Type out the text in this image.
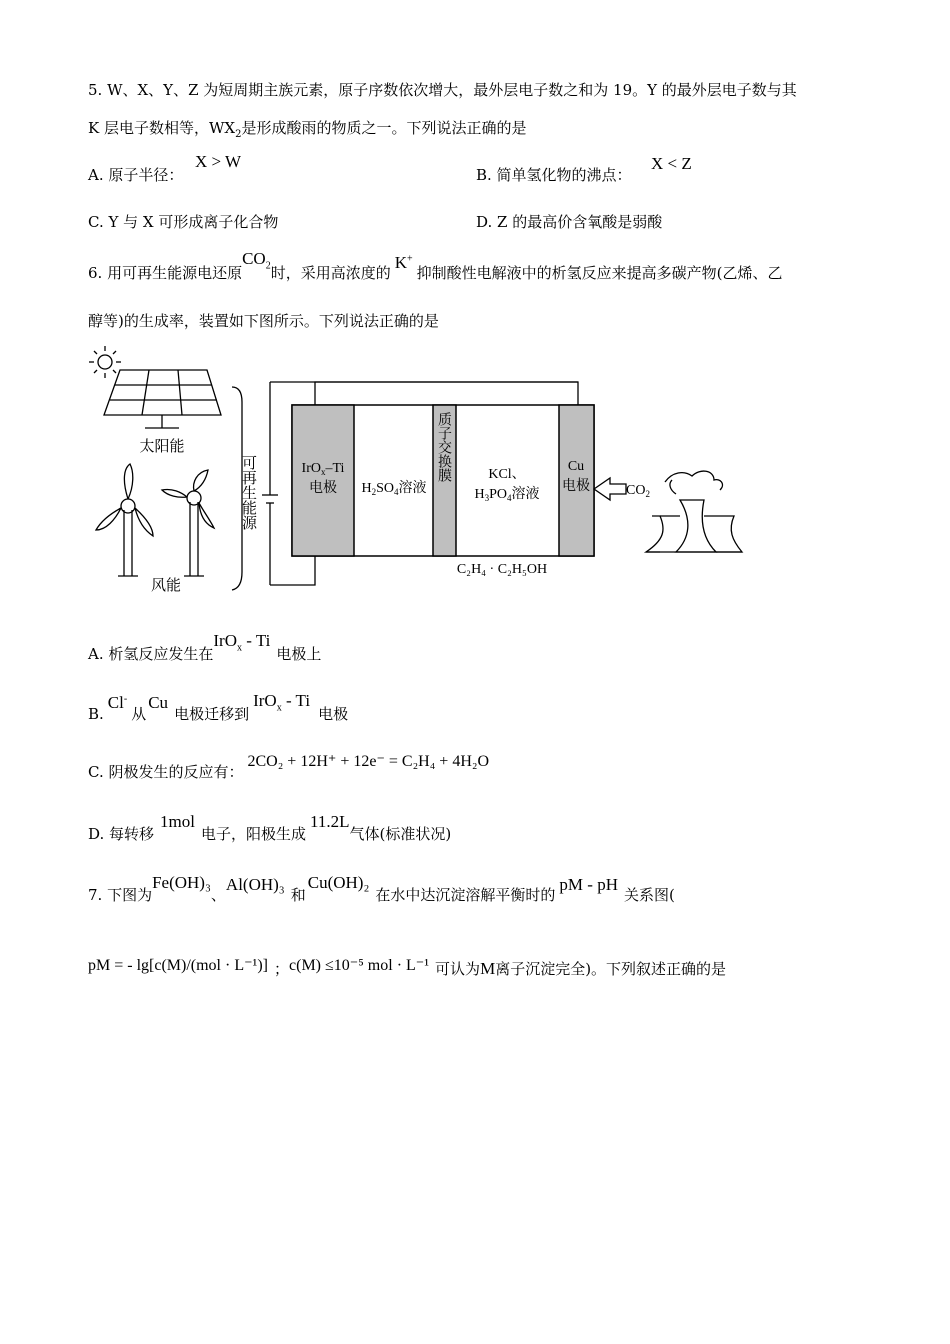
5. W、X、Y、Z 为短周期主族元素，原子序数依次增大，最外层电子数之和为 19。Y 的最外层电子数与其
K 层电子数相等，$WX_2$是形成酸雨的物质之一。下列说法正确的是
A. 原子半径：
X > W
B. 简单氢化物的沸点：
X < Z
C. Y 与 X 可形成离子化合物	D. Z 的最高价含氧酸是弱酸
6. 用可再生能源电还原$CO_2$时，采用高浓度的K+抑制酸性电解液中的析氢反应来提高多碳产物(乙烯、乙
醇等)的生成率，装置如下图所示。下列说法正确的是
太阳能
风能
可再生能源	IrO$_x$–Ti
电极 $H_2SO_4$溶液
质子交换膜	KCl、
$H_3PO_4$溶液
Cu
电极
C₂H₄ · C₂H₅OH
$CO_2$
A. 析氢反应发生在IrO$_x$ - Ti电极上
B.Cl-从Cu电极迁移到IrO$_x$ - Ti电极
C. 阴极发生的反应有：2CO₂ + 12H⁺ + 12e⁻ = C₂H₄ + 4H₂O
D. 每转移1mol电子，阳极生成11.2L气体(标准状况)
7. 下图为Fe(OH)₃、Al(OH)₃和Cu(OH)₂在水中达沉淀溶解平衡时的pM - pH关系图(
pM = - lg[c(M)/(mol · L⁻¹)] ；c(M) ≤10⁻⁵ mol · L⁻¹ 可认为M离子沉淀完全)。下列叙述正确的是
